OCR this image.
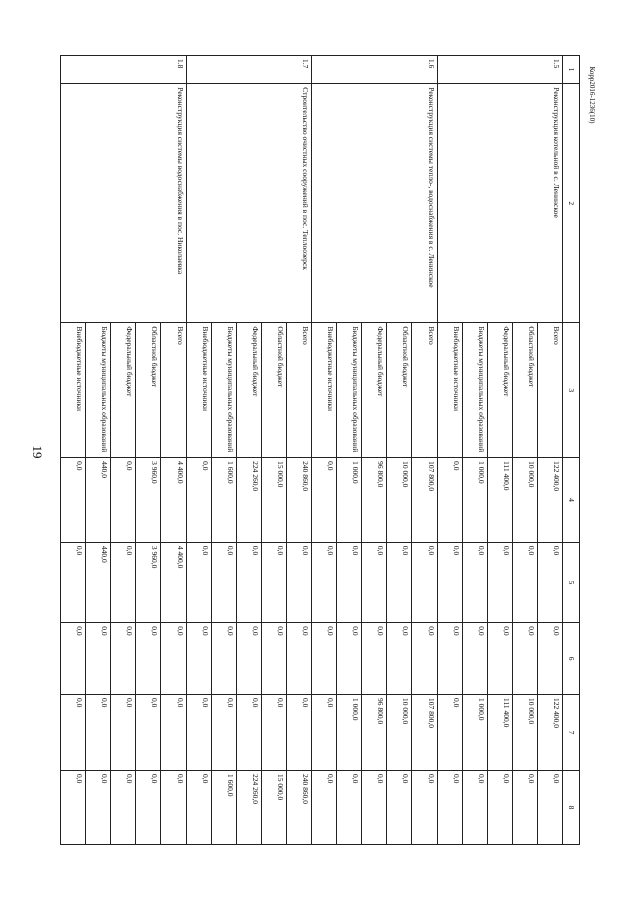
19
Корр2016-1236(10)
1	2	3	4	5	6	7	8
1.5	Реконструкция котельной в с. Ленинское	Всего	122 400,0	0,0	0,0	122 400,0	0,0
		Областной бюджет	10 000,0	0,0	0,0	10 000,0	0,0
		Федеральный бюджет	111 400,0	0,0	0,0	111 400,0	0,0
		Бюджеты муниципальных образований	1 000,0	0,0	0,0	1 000,0	0,0
		Внебюджетные источники	0,0	0,0	0,0	0,0	0,0
1.6	Реконструкция системы тепло-, водоснабжения в с. Ленинское	Всего	107 800,0	0,0	0,0	107 800,0	0,0
		Областной бюджет	10 000,0	0,0	0,0	10 000,0	0,0
		Федеральный бюджет	96 800,0	0,0	0,0	96 800,0	0,0
		Бюджеты муниципальных образований	1 000,0	0,0	0,0	1 000,0	0,0
		Внебюджетные источники	0,0	0,0	0,0	0,0	0,0
1.7	Строительство очистных сооружений в пос. Теплоозерск	Всего	240 860,0	0,0	0,0	0,0	240 860,0
		Областной бюджет	15 000,0	0,0	0,0	0,0	15 000,0
		Федеральный бюджет	224 260,0	0,0	0,0	0,0	224 260,0
		Бюджеты муниципальных образований	1 600,0	0,0	0,0	0,0	1 600,0
		Внебюджетные источники	0,0	0,0	0,0	0,0	0,0
1.8	Реконструкция системы водоснабжения в пос. Николаевка	Всего	4 400,0	4 400,0	0,0	0,0	0,0
		Областной бюджет	3 960,0	3 960,0	0,0	0,0	0,0
		Федеральный бюджет	0,0	0,0	0,0	0,0	0,0
		Бюджеты муниципальных образований	440,0	440,0	0,0	0,0	0,0
		Внебюджетные источники	0,0	0,0	0,0	0,0	0,0
